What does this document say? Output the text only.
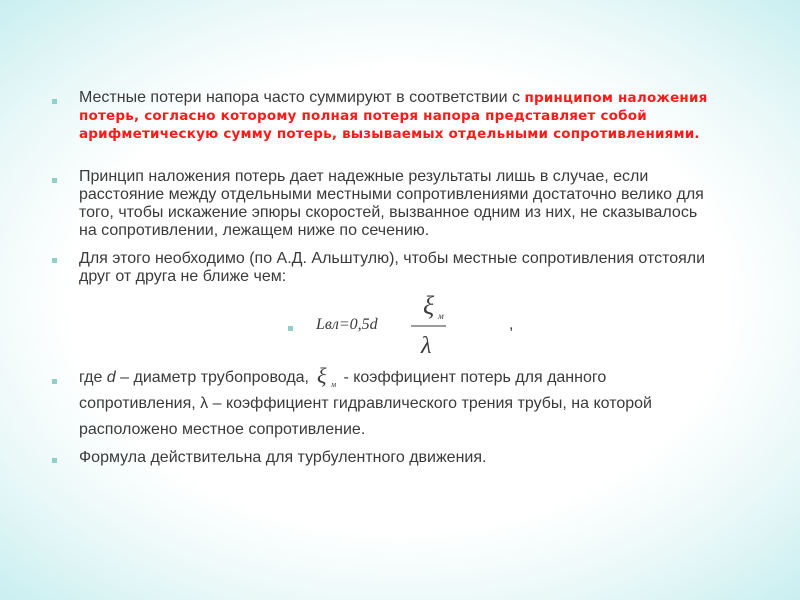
Местные потери напора часто суммируют в соответствии с принципом наложения потерь, согласно которому полная потеря напора представляет собой арифметическую сумму потерь, вызываемых отдельными сопротивлениями.
Принцип наложения потерь дает надежные результаты лишь в случае, если расстояние между отдельными местными сопротивлениями достаточно велико для того, чтобы искажение эпюры скоростей, вызванное одним из них, не сказывалось на сопротивлении, лежащем ниже по сечению.
Для этого необходимо (по А.Д. Альштулю), чтобы местные сопротивления отстояли друг от друга не ближе чем:
Lвл=0,5d
ξ м
λ
,
где d – диаметр трубопровода, ξ м - коэффициент потерь для данного сопротивления, λ – коэффициент гидравлического трения трубы, на которой расположено местное сопротивление.
Формула действительна для турбулентного движения.
